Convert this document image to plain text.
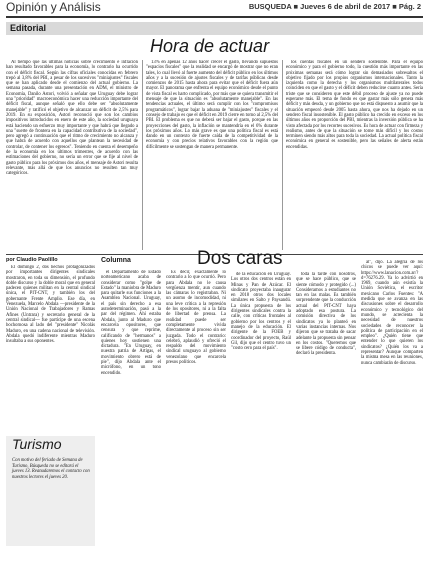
Opinión y Análisis	BUSQUEDA ■ Jueves 6 de abril de 2017 ■ Pág. 2
Editorial
Hora de actuar

Al tiempo que las últimas noticias sobre crecimiento e inflación han resultado favorables para la economía, lo contrario ha ocurrido con el déficit fiscal. Según las cifras oficiales conocidas en febrero trepó al 3,8% del PBI, a pesar de los sucesivos "miniajustes" fiscales que se han aplicado desde el comienzo del actual gobierno. La semana pasada, durante una presentación en ADM, el ministro de Economía, Danilo Astori, volvió a señalar que Uruguay debe lograr una "prioridad" macroeconómica hacer una reducción importante del déficit fiscal, aunque señaló que ello debe ser "absolutamente manejable" y ratificó el objetivo de alcanzar un déficit de 2,5% para 2019. En su exposición, Astori reconoció que son los cambios impositivos introducidos en enero de este año, la sociedad uruguaya está haciendo un esfuerzo muy importante y que habrá que llegado a una "suerte de frontera en la capacidad contributiva de la sociedad", pero agregó a continuación que el ritmo de crecimiento no alcanza y que habrá de acuerdo con aquellos que plantean la necesidad de controlar, de contener los egresos". Teniendo en cuenta el desempeño de la economía en los últimos trimestres, de acuerdo con las estimaciones del gobierno, no sería un error que se fije al nivel de gasto público para los próximos dos años, el mensaje de Astori resulta relevante, más allá de que los anuncios no resulten tan muy categóricos.

13% en apenas 12 años hacer crecer el gasto, llevando supuestos "espacios fiscales" que la realidad se encargó de mostrar que no eran tales, lo cual llevó al fuerte aumento del déficit público en los últimos años y a la sucesión de ajustes fiscales y de tarifas públicas desde comienzos de 2015 hasta ahora para evitar que el déficit fuera aún mayor. El panorama que enfrenta el equipo económico desde el punto de vista fiscal es harto complicado, por más que se quiera transmitir el mensaje de que la situación es "absolutamente manejable". En las tendencias actuales, el último será cumplir con los "compromisos programáticos", lograr bajar la aduana de "miniajustes" fiscales y el consejo de trabajo es que el déficit en 2019 cierre en torno al 2,5% del PBI. El problema es que no deberá ser bajar el gasto, porque en las proyecciones del gasto, la inflación se mantendría en el 6% durante los próximos años. Lo más grave es que una política fiscal es está dando en un contexto de fuerte caída de la competitividad de la economía y con precios relativos favorables con la región que difícilmente se sostengan de manera permanente.

los cuentas fiscales en un sendero sostenible. Para el equipo económico y para el gobierno todo, la cuestión más importante en las próximas semanas será cómo lograr sin demasiados sobresaltos el objetivo fijado por los propios organismos internacionales. Tanto la izquierda como la derecha y los organismos multilaterales todos coinciden en que el gasto y el déficit deben reducirse cuanto antes. Sería triste que se consideren que este débil proceso de ajuste ya no puede esperarse más. El tema de fondo es que gastar más sólo genera más déficit y más deuda, y un gobierno que no está dispuesto a asumir que la situación empeoró desde 2005 hasta ahora, que nos ha dejado en un sendero fiscal insostenible. El gasto público ha crecido en exceso en los últimos años en proporción del PBI, mientras la inversión pública se ha visto afectada por los recortes sucesivos. Es hora de actuar con firmeza y realismo, antes de que la situación se torne más difícil y los costos terminen siendo más altos para toda la sociedad. La actual política fiscal económica en general es sostenible, pero las señales de alerta están encendidas.

por Claudio Paolillo	Columna	Dos caras

El domingo 2, dos hechos protagonizados por importantes dirigentes sindicales mostraron, en toda su dimensión, el profundo doble discurso y la doble moral que en general padecen quienes militan en la central sindical única, el PIT-CNT, y también los del gobernante Frente Amplio. Ese día, en Venezuela, Marcelo Abdala —presidente de la Unión Nacional de Trabajadores y Ramas Afines (Untrara) y secretario general de la central sindical— fue partícipe de una escena bochornosa al lado del "presidente" Nicolás Maduro, en una cadena nacional de televisión. Abdala quedó indiferente mientras Maduro insultaba a sus oponentes.

el Departamento de Estado norteamericano acaba de considerar como "golpe de Estado" la maniobra de Maduro para quitarle sus funciones a la Asamblea Nacional. Uruguay, el país sin derecho a esa autodeterminación, pasó a la par del régimen. Ahí estaba Abdala, junto al Maduro que encarcela opositores, que censura y que reprime, calificando de "hermanos" a quienes hoy sostienen una dictadura. "En Uruguay, en nuestra patria de Artigas, el movimiento obrero está de pie", dijo Abdala ante el micrófono, en un tono encendido.

Es decir, exactamente lo contrario a lo que ocurrió. Pero para Abdala no le causa vergüenza mentir, aun cuando las cámaras lo registraban. Ni un asomo de incomodidad, ni una leve crítica a la represión de los opositores, ni a la falta de libertad de prensa. La realidad puede ser completamente vivida directamente al proceso sin ser juzgada. Todo el contrario: celebró, aplaudió y ofreció el respaldo del movimiento sindical uruguayo al gobierno venezolano que encarcela presos políticos.

de la educación en Uruguay. Los otros dos centros están en Minas y Pan de Azúcar. El sindicato proyectaba inaugurar en 2018 otros dos locales similares en Salto y Paysandú. La única propuesta de los dirigentes sindicales contra la calle, con críticas frontales al gobierno por los centros y el manejo de la educación. El dirigente de la FOEB y coordinador del proyecto, Raúl Gil, dijo que el centro tuvo un "costo cero para el país".

toda la tarde con nosotros, que se hace público, que se siente cómodo y protegido (...) Consideramos a estudiantes no tan en las malas. Es también sorprendente que la conducción actual del PIT-CNT haya adoptado esa postura. La comisión directiva de los sindicatos ya lo planteó en varias instancias internas. Nos dijeron que se trataba de sacar adelante la propuesta sin pensar en los costos. "Queremos que se libere código de conducta", declaró la presidenta.

al", dijo. La alegría de los chicos se puede ver aquí: https://www.lanacion.com.ar/?d=76276.29. Ya lo advirtió en 1969, cuando aún existía la Unión Soviética, el escritor mexicano Carlos Fuentes: "A medida que se avanza en las discusiones sobre el desarrollo económico y tecnológico del mundo, se acrecienta la necesidad de nuestros sociedades de reconocer la política de participación en el empleo". ¿Quién tiene que entender lo que quieren los sindicatos? ¿Quién los va a representar? Aunque comparten la misma mesa en las reuniones, nunca cambiarán de discurso.

Turismo
Con motivo del feriado de Semana de Turismo, Búsqueda no se editará el jueves 13. Reanudaremos el contacto con nuestros lectores el jueves 20.
